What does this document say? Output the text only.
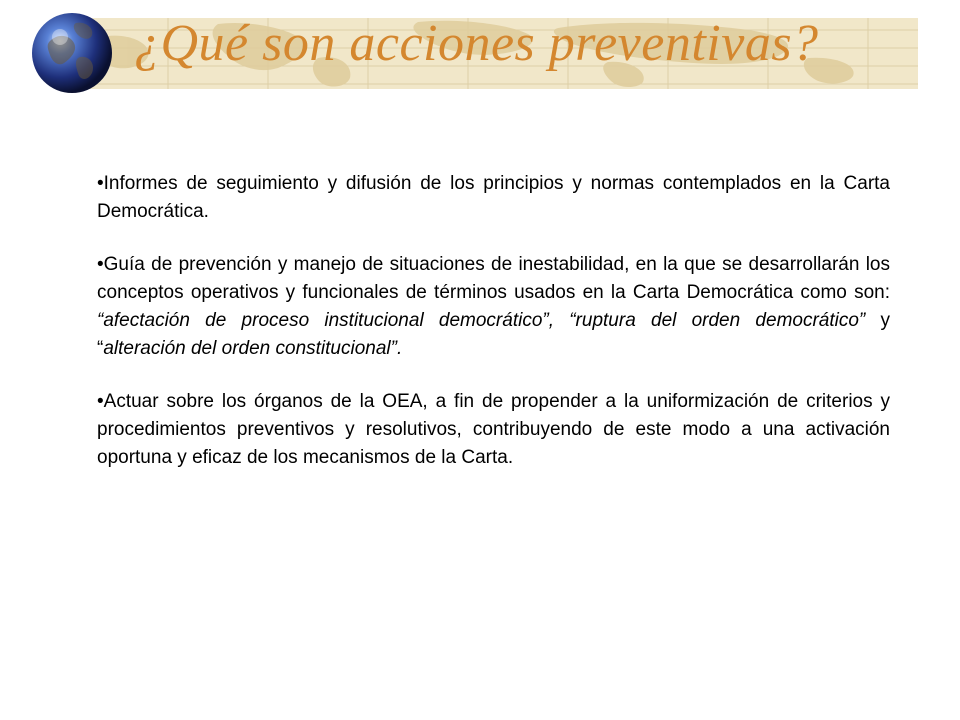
¿Qué son acciones preventivas?

•Informes de seguimiento y difusión de los principios y normas contemplados en la Carta Democrática.

•Guía de prevención y manejo de situaciones de inestabilidad, en la que se desarrollarán los conceptos operativos y funcionales de términos usados en la Carta Democrática como son: “afectación de proceso institucional democrático”, “ruptura del orden democrático” y “alteración del orden constitucional”.

•Actuar sobre los órganos de la OEA, a fin de propender a la uniformización de criterios y procedimientos preventivos y resolutivos, contribuyendo de este modo a una activación oportuna y eficaz de los mecanismos de la Carta.
